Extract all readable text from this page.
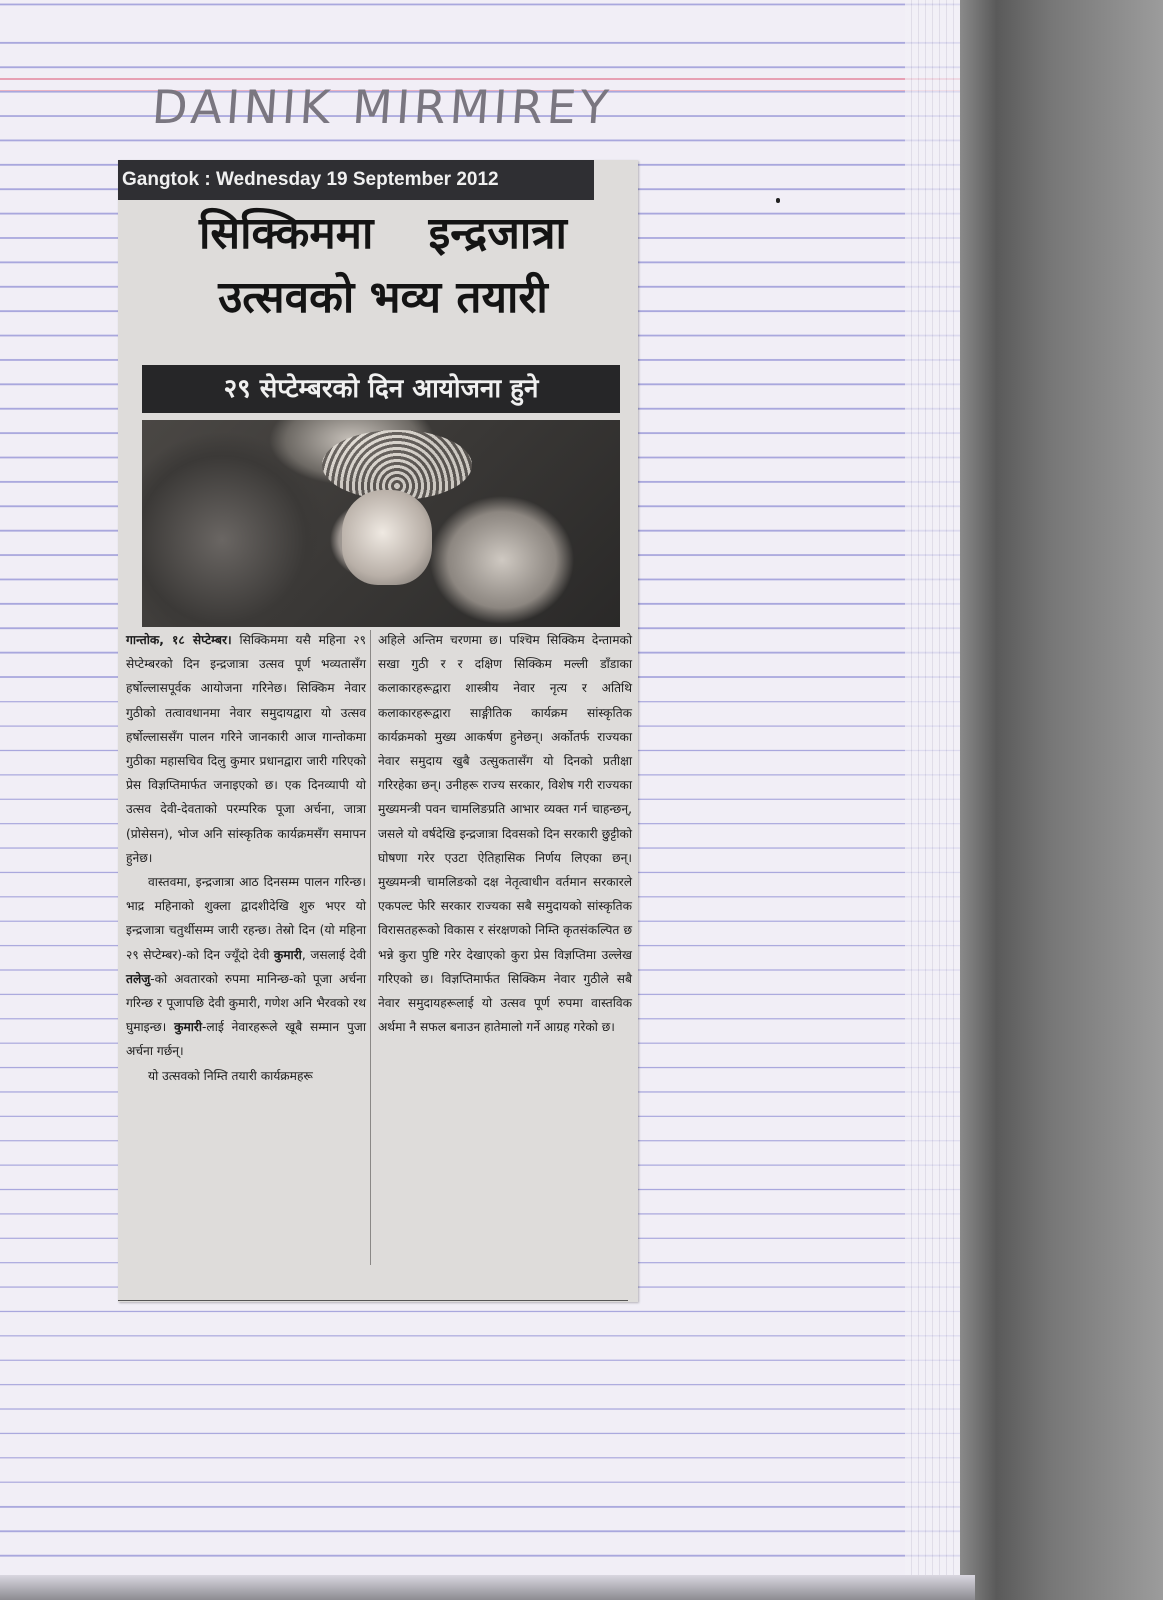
DAINIK MIRMIREY
Gangtok : Wednesday 19 September 2012
सिक्किममा इन्द्रजात्रा
उत्सवको भव्य तयारी
२९ सेप्टेम्बरको दिन आयोजना हुने

गान्तोक, १८ सेप्टेम्बर। सिक्किममा यसै महिना २९ सेप्टेम्बरको दिन इन्द्रजात्रा उत्सव पूर्ण भव्यतासँग हर्षोल्लासपूर्वक आयोजना गरिनेछ। सिक्किम नेवार गुठीको तत्वावधानमा नेवार समुदायद्वारा यो उत्सव हर्षोल्लाससँग पालन गरिने जानकारी आज गान्तोकमा गुठीका महासचिव दिलु कुमार प्रधानद्वारा जारी गरिएको प्रेस विज्ञप्तिमार्फत जनाइएको छ। एक दिनव्यापी यो उत्सव देवी-देवताको परम्परिक पूजा अर्चना, जात्रा (प्रोसेसन), भोज अनि सांस्कृतिक कार्यक्रमसँग समापन हुनेछ।

वास्तवमा, इन्द्रजात्रा आठ दिनसम्म पालन गरिन्छ। भाद्र महिनाको शुक्ला द्वादशीदेखि शुरु भएर यो इन्द्रजात्रा चतुर्थीसम्म जारी रहन्छ। तेस्रो दिन (यो महिना २९ सेप्टेम्बर)-को दिन ज्यूँदो देवी कुमारी, जसलाई देवी तलेजु-को अवतारको रुपमा मानिन्छ-को पूजा अर्चना गरिन्छ र पूजापछि देवी कुमारी, गणेश अनि भैरवको रथ घुमाइन्छ। कुमारी-लाई नेवारहरूले खूबै सम्मान पुजा अर्चना गर्छन्।

यो उत्सवको निम्ति तयारी कार्यक्रमहरू

अहिले अन्तिम चरणमा छ। पश्चिम सिक्किम देन्तामको सखा गुठी र र दक्षिण सिक्किम मल्ली डाँडाका कलाकारहरूद्वारा शास्त्रीय नेवार नृत्य र अतिथि कलाकारहरूद्वारा साङ्गीतिक कार्यक्रम सांस्कृतिक कार्यक्रमको मुख्य आकर्षण हुनेछन्। अर्कोतर्फ राज्यका नेवार समुदाय खुबै उत्सुकतासँग यो दिनको प्रतीक्षा गरिरहेका छन्। उनीहरू राज्य सरकार, विशेष गरी राज्यका मुख्यमन्त्री पवन चामलिङप्रति आभार व्यक्त गर्न चाहन्छन्, जसले यो वर्षदेखि इन्द्रजात्रा दिवसको दिन सरकारी छुट्टीको घोषणा गरेर एउटा ऐतिहासिक निर्णय लिएका छन्। मुख्यमन्त्री चामलिङको दक्ष नेतृत्वाधीन वर्तमान सरकारले एकपल्ट फेरि सरकार राज्यका सबै समुदायको सांस्कृतिक विरासतहरूको विकास र संरक्षणको निम्ति कृतसंकल्पित छ भन्ने कुरा पुष्टि गरेर देखाएको कुरा प्रेस विज्ञप्तिमा उल्लेख गरिएको छ। विज्ञप्तिमार्फत सिक्किम नेवार गुठीले सबै नेवार समुदायहरूलाई यो उत्सव पूर्ण रुपमा वास्तविक अर्थमा नै सफल बनाउन हातेमालो गर्ने आग्रह गरेको छ।
